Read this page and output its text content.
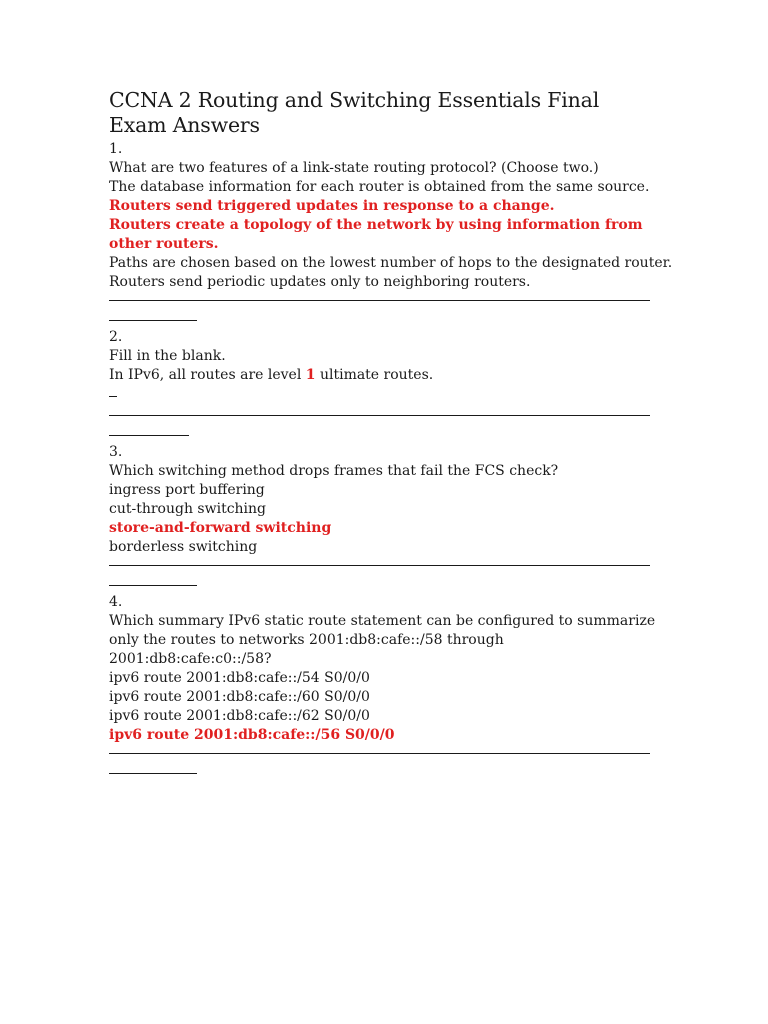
CCNA 2 Routing and Switching Essentials Final Exam Answers
1.
What are two features of a link-state routing protocol? (Choose two.)
The database information for each router is obtained from the same source.
Routers send triggered updates in response to a change.
Routers create a topology of the network by using information from other routers.
Paths are chosen based on the lowest number of hops to the designated router.
Routers send periodic updates only to neighboring routers.
2.
Fill in the blank.
In IPv6, all routes are level 1 ultimate routes.
3.
Which switching method drops frames that fail the FCS check?
ingress port buffering
cut-through switching
store-and-forward switching
borderless switching
4.
Which summary IPv6 static route statement can be configured to summarize
only the routes to networks 2001:db8:cafe::/58 through
2001:db8:cafe:c0::/58?
ipv6 route 2001:db8:cafe::/54 S0/0/0
ipv6 route 2001:db8:cafe::/60 S0/0/0
ipv6 route 2001:db8:cafe::/62 S0/0/0
ipv6 route 2001:db8:cafe::/56 S0/0/0
